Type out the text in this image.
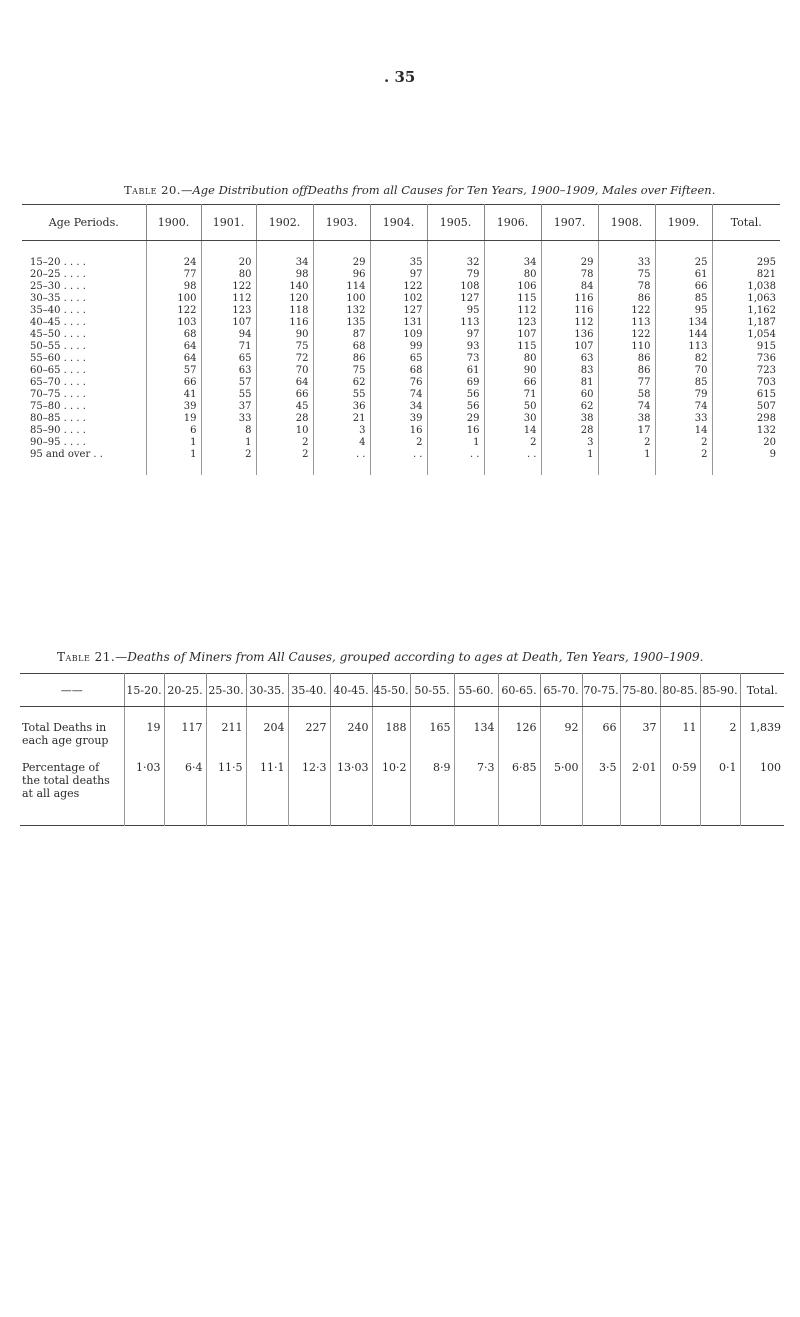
. 35
Table 20.—Age Distribution ofƒDeaths from all Causes for Ten Years, 1900–1909, Males over Fifteen.
Age Periods.	1900.	1901.	1902.	1903.	1904.	1905.	1906.	1907.	1908.	1909.	Total.
15–20 . . . .	24	20	34	29	35	32	34	29	33	25	295
20–25 . . . .	77	80	98	96	97	79	80	78	75	61	821
25–30 . . . .	98	122	140	114	122	108	106	84	78	66	1,038
30–35 . . . .	100	112	120	100	102	127	115	116	86	85	1,063
35–40 . . . .	122	123	118	132	127	95	112	116	122	95	1,162
40–45 . . . .	103	107	116	135	131	113	123	112	113	134	1,187
45–50 . . . .	68	94	90	87	109	97	107	136	122	144	1,054
50–55 . . . .	64	71	75	68	99	93	115	107	110	113	915
55–60 . . . .	64	65	72	86	65	73	80	63	86	82	736
60–65 . . . .	57	63	70	75	68	61	90	83	86	70	723
65–70 . . . .	66	57	64	62	76	69	66	81	77	85	703
70–75 . . . .	41	55	66	55	74	56	71	60	58	79	615
75–80 . . . .	39	37	45	36	34	56	50	62	74	74	507
80–85 . . . .	19	33	28	21	39	29	30	38	38	33	298
85–90 . . . .	6	8	10	3	16	16	14	28	17	14	132
90–95 . . . .	1	1	2	4	2	1	2	3	2	2	20
95 and over . .	1	2	2	. .	. .	. .	. .	1	1	2	9
Table 21.—Deaths of Miners from All Causes, grouped according to ages at Death, Ten Years, 1900–1909.
——	15-20.	20-25.	25-30.	30-35.	35-40.	40-45.	45-50.	50-55.	55-60.	60-65.	65-70.	70-75.	75-80.	80-85.	85-90.	Total.
Total Deaths in each age group	19	117	211	204	227	240	188	165	134	126	92	66	37	11	2	1,839
Percentage of the total deaths at all ages	1·03	6·4	11·5	11·1	12·3	13·03	10·2	8·9	7·3	6·85	5·00	3·5	2·01	0·59	0·1	100
